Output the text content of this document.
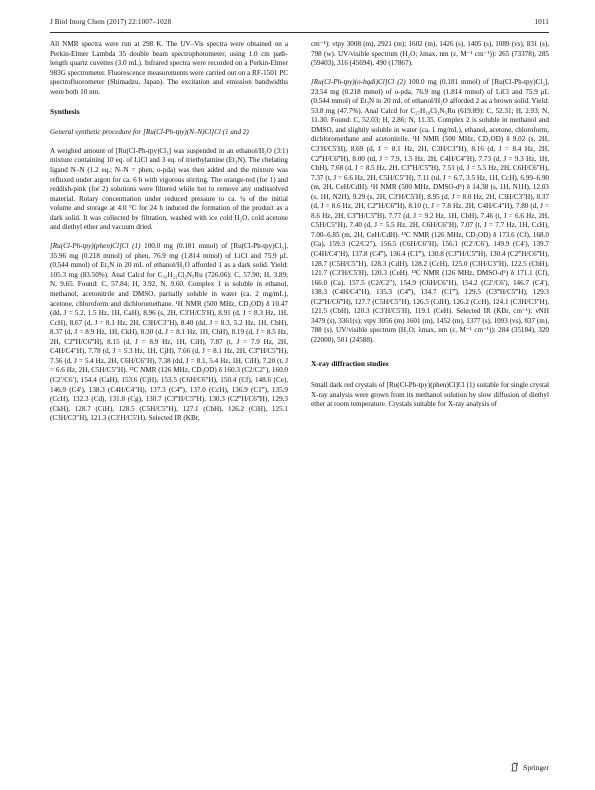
J Biol Inorg Chem (2017) 22:1007–1028	1011

All NMR spectra were run at 298 K. The UV–Vis spectra were obtained on a Perkin-Elmer Lambda 35 double beam spectrophotometer, using 1.0 cm path-length quartz cuvettes (3.0 mL). Infrared spectra were recorded on a Perkin-Elmer 983G spectrometer. Fluorescence measurements were carried out on a RF-1501 PC spectrofluorometer (Shimadzu, Japan). The excitation and emission bandwidths were both 10 nm.

Synthesis
General synthetic procedure for [Ru(Cl-Ph-tpy)(N–N)Cl]Cl (1 and 2)

A weighed amount of [Ru(Cl-Ph-tpy)Cl₃] was suspended in an ethanol/H₂O (3:1) mixture containing 10 eq. of LiCl and 3 eq. of triethylamine (Et₃N). The chelating ligand N–N (1.2 eq.; N–N = phen, o-pda) was then added and the mixture was refluxed under argon for ca. 6 h with vigorous stirring. The orange-red (for 1) and reddish-pink (for 2) solutions were filtered while hot to remove any undissolved material. Rotary concentration under reduced pressure to ca. ¼ of the initial volume and storage at 4.0 °C for 24 h induced the formation of the product as a dark solid. It was collected by filtration, washed with ice cold H₂O, cold acetone and diethyl ether and vacuum dried.

[Ru(Cl-Ph-tpy)(phen)Cl]Cl (1) 100.0 mg (0.181 mmol) of [Ru(Cl-Ph-tpy)Cl₃], 35.96 mg (0.218 mmol) of phen, 76.9 mg (1.814 mmol) of LiCl and 75.9 μL (0.544 mmol) of Et₃N in 20 mL of ethanol/H₂O afforded 1 as a dark solid. Yield: 105.3 mg (83.50%). Anal Calcd for C₃₃H₂₂Cl₂N₅Ru (726.06): C, 57.90; H, 3.89; N, 9.65. Found: C, 57.84; H, 3.92, N, 9.60. Complex 1 is soluble in ethanol, methanol, acetonitrile and DMSO, partially soluble in water (ca. 2 mg/mL), acetone, chloroform and dichloromethane. ¹H NMR (500 MHz, CD₃OD) δ 10.47 (dd, J = 5.2, 1.5 Hz, 1H, CaH), 8.96 (s, 2H, C3′H/C5′H), 8.91 (d, J = 8.3 Hz, 1H, CcH), 8.67 (d, J = 8.1 Hz, 2H, C3H/C3″H), 8.40 (dd, J = 8.3, 5.2 Hz, 1H, CbH), 8.37 (d, J = 8.9 Hz, 1H, CkH), 8.30 (d, J = 8.1 Hz, 1H, ChH), 8.19 (d, J = 8.5 Hz, 2H, C2‴H/C6‴H), 8.15 (d, J = 8.9 Hz, 1H, CiH), 7.87 (t, J = 7.9 Hz, 2H, C4H/C4″H), 7.78 (d, J = 5.3 Hz, 1H, CjH), 7.66 (d, J = 8.1 Hz, 2H, C3‴H/C5‴H), 7.56 (d, J = 5.4 Hz, 2H, C6H/C6″H), 7.38 (dd, J = 8.1, 5.4 Hz, 1H, CiH), 7.20 (t, J = 6.6 Hz, 2H, C5H/C5″H). ¹³C NMR (126 MHz, CD₃OD) δ 160.3 (C2/C2″), 160.0 (C2′/C6′), 154.4 (CaH), 153.6 (CjH), 153.5 (C6H/C6″H), 150.4 (Cf), 148.6 (Ce), 146.9 (C4′), 138.3 (C4H/C4″H), 137.3 (C4‴), 137.0 (CcH), 136.9 (C1‴), 135.9 (CcH), 132.3 (Cd), 131.8 (Cg), 130.7 (C3‴H/C5‴H), 130.3 (C2‴H/C6‴H), 129.3 (CkH), 128.7 (CiH), 128.5 (C5H/C5″H), 127.1 (CbH), 126.2 (CiH), 125.1 (C3H/C3″H), 121.3 (C3′H/C5′H). Selected IR (KBr,

cm⁻¹): νtpy 3008 (m), 2921 (m); 1602 (m), 1426 (s), 1405 (s), 1089 (vs), 831 (s), 798 (w). UV/visible spectrum (H₂O; λmax, nm (ε, M⁻¹ cm⁻¹)): 265 (73378), 285 (59403), 316 (45694), 490 (17867).

[Ru(Cl-Ph-tpy)(o-bqdi)Cl]Cl (2) 100.0 mg (0.181 mmol) of [Ru(Cl-Ph-tpy)Cl₃], 23.54 mg (0.218 mmol) of o-pda, 76.9 mg (1.814 mmol) of LiCl and 75.9 μL (0.544 mmol) of Et₃N in 20 mL of ethanol/H₂O afforded 2 as a brown solid. Yield: 53.8 mg (47.7%). Anal Calcd for C₂₇H₁₈Cl₂N₅Ru (619.89): C, 52.31; H, 2.93; N, 11.30. Found: C, 52.03; H, 2.86; N, 11.35. Complex 2 is soluble in methanol and DMSO, and slightly soluble in water (ca. 1 mg/mL), ethanol, acetone, chloroform, dichloromethane and acetonitrile. ¹H NMR (500 MHz, CD₃OD) δ 9.02 (s, 2H, C3′H/C5′H), 8.69 (d, J = 8.1 Hz, 2H, C3H/C3″H), 8.16 (d, J = 8.4 Hz, 2H, C2‴H/C6‴H), 8.00 (td, J = 7.9, 1.5 Hz, 2H, C4H/C4″H), 7.73 (d, J = 9.3 Hz, 1H, CbH), 7.68 (d, J = 8.5 Hz, 2H, C3‴H/C5‴H), 7.51 (d, J = 5.5 Hz, 2H, C6H/C6″H), 7.37 (t, J = 6.6 Hz, 2H, C5H/C5″H), 7.11 (td, J = 6.7, 3.5 Hz, 1H, CcH), 6.99–6.90 (m, 2H, CeH/CdH). ¹H NMR (500 MHz, DMSO-d⁶) δ 14.38 (s, 1H, N1H), 12.03 (s, 1H, N2H), 9.29 (s, 2H, C3′H/C5′H), 8.95 (d, J = 8.0 Hz, 2H, C3H/C3″H), 8.37 (d, J = 8.6 Hz, 2H, C2‴H/C6‴H), 8.10 (t, J = 7.8 Hz, 2H, C4H/C4″H), 7.80 (d, J = 8.6 Hz, 2H, C3‴H/C5‴H), 7.77 (d, J = 9.2 Hz, 1H, CbH), 7.46 (t, J = 6.6 Hz, 2H, C5H/C5″H), 7.40 (d, J = 5.5 Hz, 2H, C6H/C6″H), 7.07 (t, J = 7.7 Hz, 1H, CcH), 7.00–6.85 (m, 2H, CeH/CdH). ¹³C NMR (126 MHz, CD₃OD) δ 173.6 (Cf), 168.0 (Ca), 159.3 (C2/C2″), 156.5 (C6H/C6″H), 156.1 (C2′/C6′), 149.9 (C4′), 139.7 (C4H/C4″H), 137.8 (C4‴), 136.4 (C1‴), 130.8 (C3‴H/C5‴H), 130.4 (C2‴H/C6‴H), 128.7 (C5H/C5″H), 128.3 (CdH), 128.2 (CcH), 125.0 (C3H/C3″H), 122.5 (CbH), 121.7 (C3′H/C5′H), 120.3 (CeH). ¹³C NMR (126 MHz, DMSO-d⁶) δ 171.1 (Cf), 166.0 (Ca), 157.5 (C2/C2″), 154.9 (C6H/C6″H), 154.2 (C2′/C6′), 146.7 (C4′), 138.3 (C4H/C4″H), 135.3 (C4‴), 134.7 (C1‴), 129.5 (C3‴H/C5‴H), 129.3 (C2‴H/C6‴H), 127.7 (C5H/C5″H), 126.5 (CdH), 126.2 (CcH), 124.1 (C3H/C3″H), 121.5 (CbH), 120.3 (C3′H/C5′H), 119.1 (CeH). Selected IR (KBr, cm⁻¹): νNH 3479 (s), 3361(s); νtpy 3056 (m) 1601 (m), 1452 (m), 1377 (s), 1093 (vs), 837 (m), 788 (s). UV/visible spectrum (H₂O; λmax, nm (ε, M⁻¹ cm⁻¹)): 284 (35184), 320 (22000), 501 (24588).

X-ray diffraction studies

Small dark red crystals of [Ru(Cl-Ph-tpy)(phen)Cl]Cl (1) suitable for single crystal X-ray analysis were grown from its methanol solution by slow diffusion of diethyl ether at room temperature. Crystals suitable for X-ray analysis of

Springer
